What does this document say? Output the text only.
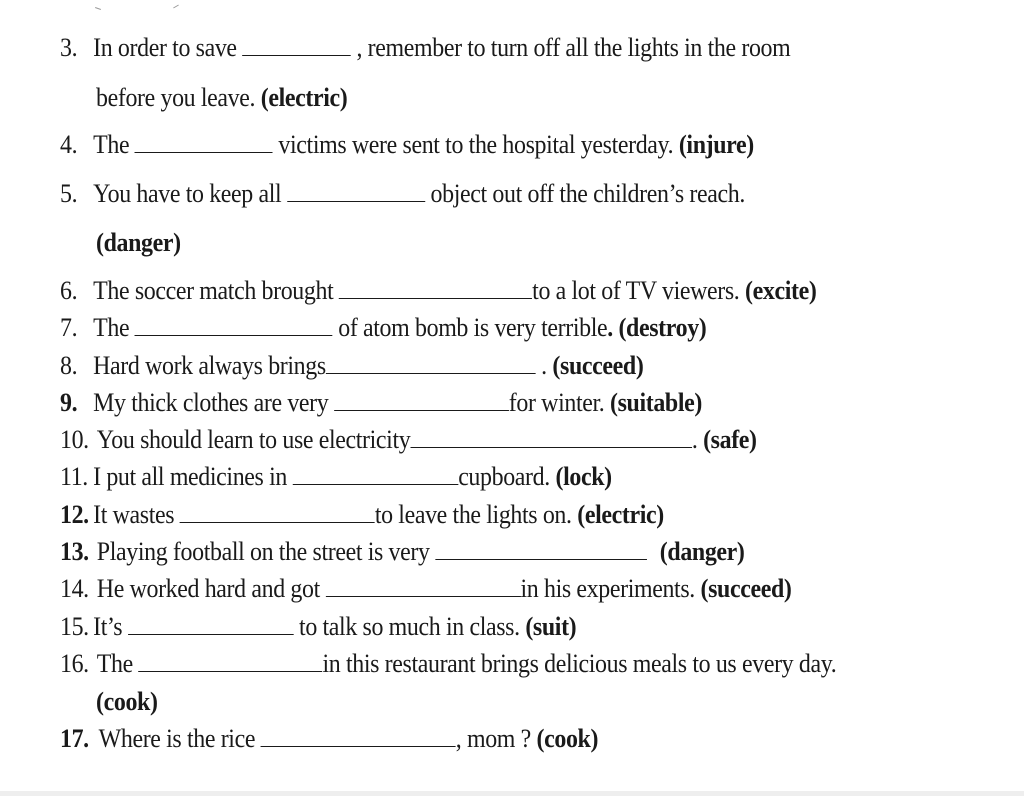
3. In order to save	, remember to turn off all the lights in the room
before you leave. (electric)
4. The	victims were sent to the hospital yesterday. (injure)
5. You have to keep all	object out off the children’s reach.
(danger)
6. The soccer match brought	to a lot of TV viewers. (excite)
7. The	of atom bomb is very terrible. (destroy)
8. Hard work always brings	. (succeed)
9. My thick clothes are very	for winter. (suitable)
10. You should learn to use electricity	. (safe)
11. I put all medicines in	cupboard. (lock)
12. It wastes	to leave the lights on. (electric)
13. Playing football on the street is very	(danger)
14. He worked hard and got	in his experiments. (succeed)
15. It’s	to talk so much in class. (suit)
16. The	in this restaurant brings delicious meals to us every day.
(cook)
17. Where is the rice	, mom ? (cook)
